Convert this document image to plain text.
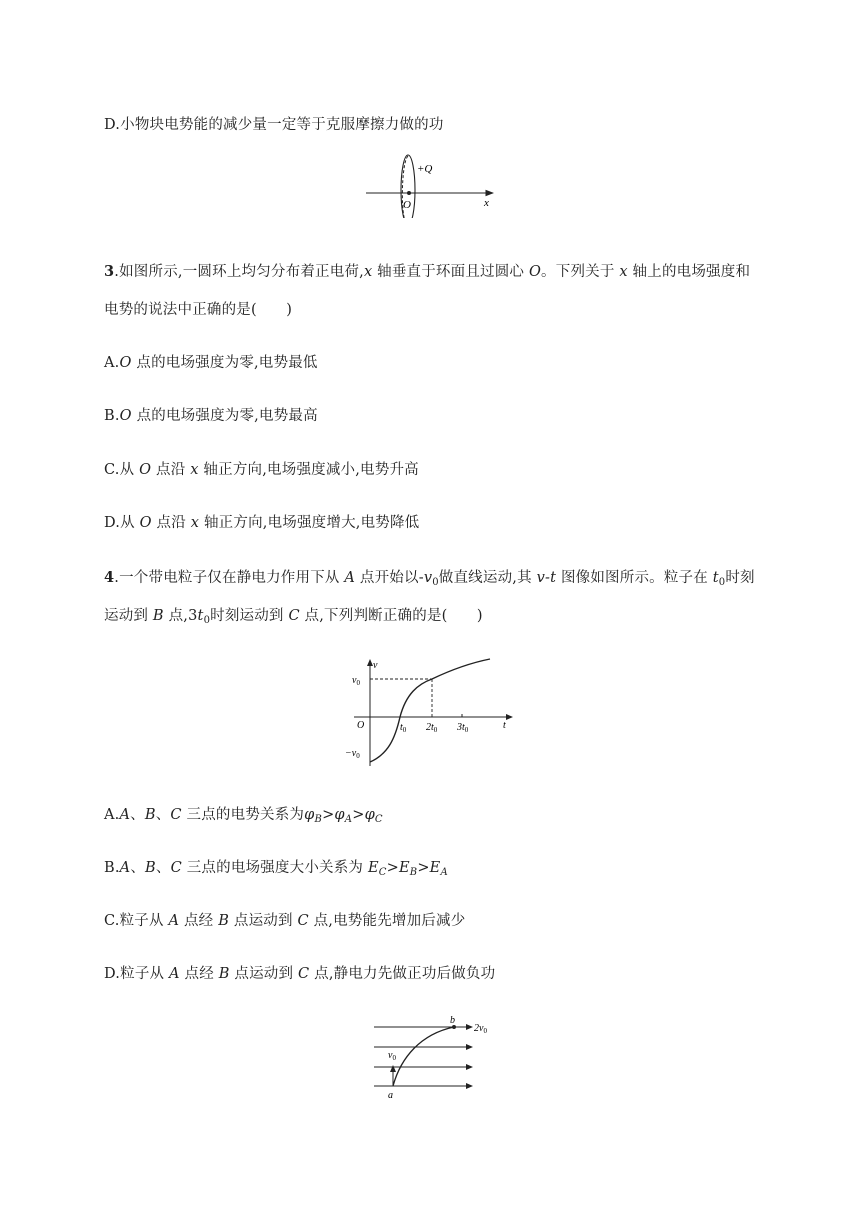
D.小物块电势能的减少量一定等于克服摩擦力做的功
+Q
O	x
3.如图所示,一圆环上均匀分布着正电荷,x 轴垂直于环面且过圆心 O。下列关于 x 轴上的电场强度和
电势的说法中正确的是(　　)
A.O 点的电场强度为零,电势最低
B.O 点的电场强度为零,电势最高
C.从 O 点沿 x 轴正方向,电场强度减小,电势升高
D.从 O 点沿 x 轴正方向,电场强度增大,电势降低
4.一个带电粒子仅在静电力作用下从 A 点开始以$-v_0$做直线运动,其 v-t 图像如图所示。粒子在 $t_0$时刻
运动到 B 点$,3t_0$时刻运动到 C 点,下列判断正确的是(　　)
v
t
O
$v_0$
$-v_0$
$t_0$ $2t_0$ $3t_0$
A.A、B、C 三点的电势关系为$\varphi_B>\varphi_A>\varphi_C$
B.A、B、C 三点的电场强度大小关系为 $E_C>E_B>E_A$
C.粒子从 A 点经 B 点运动到 C 点,电势能先增加后减少
D.粒子从 A 点经 B 点运动到 C 点,静电力先做正功后做负功
b
$2v_0$
$v_0$
a
